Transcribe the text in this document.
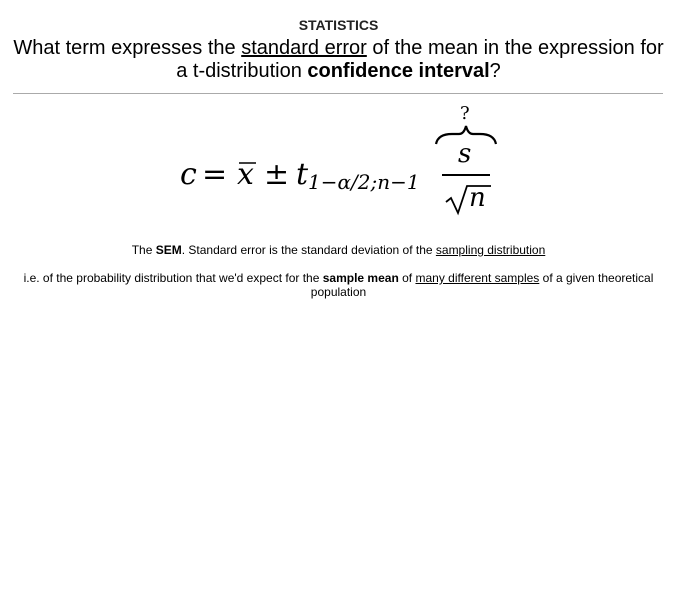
STATISTICS
What term expresses the standard error of the mean in the expression for a t-distribution confidence interval?
c = x ± t 1−α/2;n−1
?
s
n
The SEM. Standard error is the standard deviation of the sampling distribution
i.e. of the probability distribution that we'd expect for the sample mean of many different samples of a given theoretical population
